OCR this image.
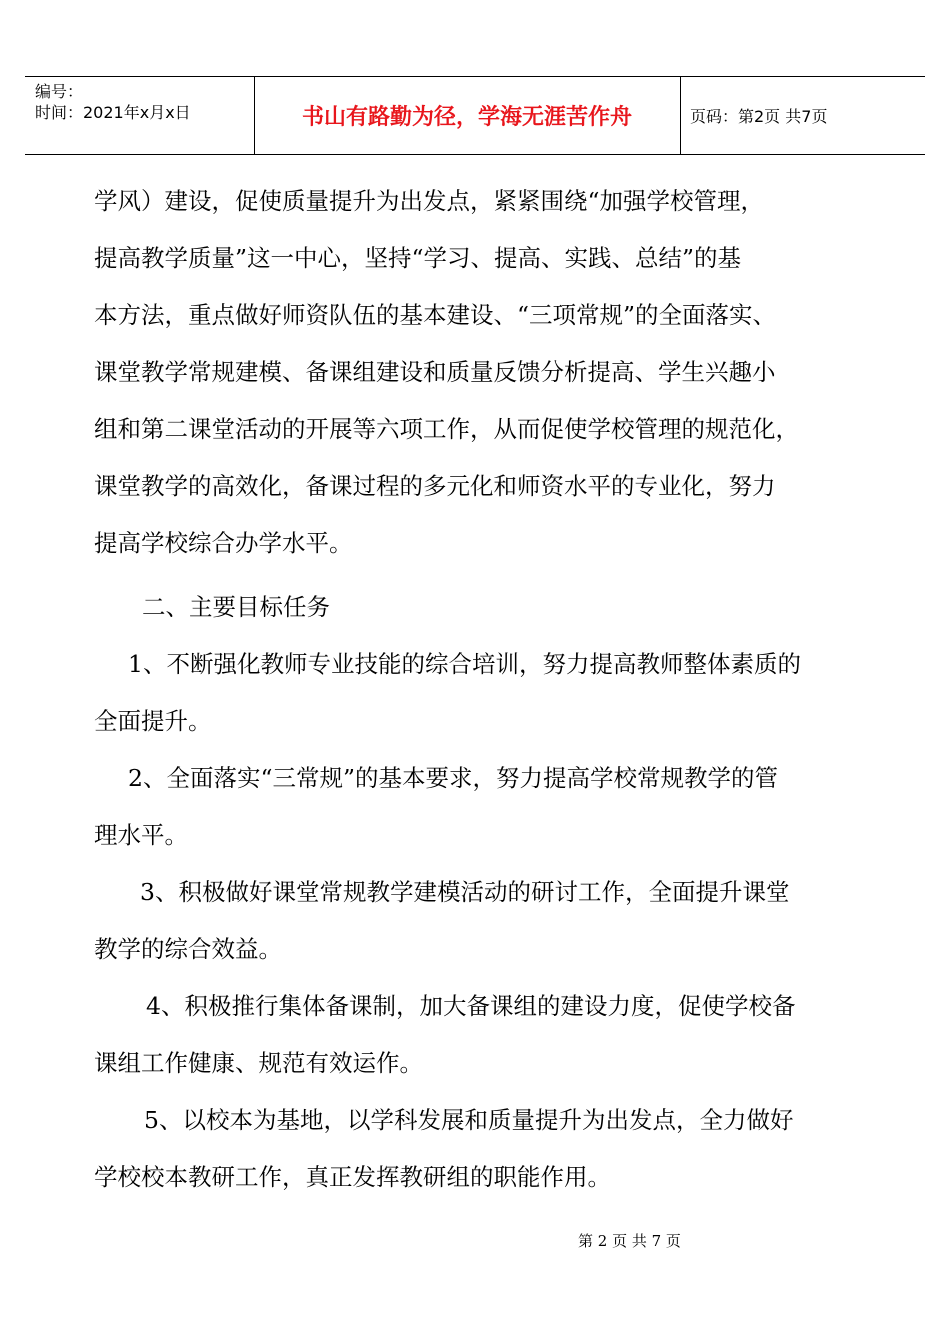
编号：
时间：2021年x月x日	书山有路勤为径，学海无涯苦作舟	页码：第2页 共7页
学风）建设，促使质量提升为出发点，紧紧围绕“加强学校管理，
提高教学质量”这一中心，坚持“学习、提高、实践、总结”的基
本方法，重点做好师资队伍的基本建设、“三项常规”的全面落实、
课堂教学常规建模、备课组建设和质量反馈分析提高、学生兴趣小
组和第二课堂活动的开展等六项工作，从而促使学校管理的规范化，
课堂教学的高效化，备课过程的多元化和师资水平的专业化，努力
提高学校综合办学水平。
二、主要目标任务
1、不断强化教师专业技能的综合培训，努力提高教师整体素质的
全面提升。
2、全面落实“三常规”的基本要求，努力提高学校常规教学的管
理水平。
3、积极做好课堂常规教学建模活动的研讨工作，全面提升课堂
教学的综合效益。
4、积极推行集体备课制，加大备课组的建设力度，促使学校备
课组工作健康、规范有效运作。
5、以校本为基地，以学科发展和质量提升为出发点，全力做好
学校校本教研工作，真正发挥教研组的职能作用。
第 2 页 共 7 页
